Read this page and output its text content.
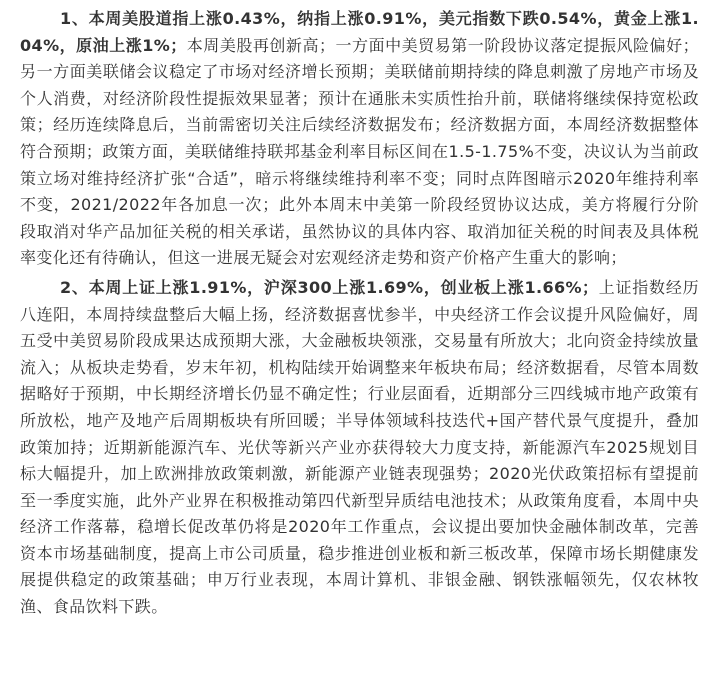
1、本周美股道指上涨0.43%，纳指上涨0.91%，美元指数下跌0.54%，黄金上涨1.04%，原油上涨1%；本周美股再创新高；一方面中美贸易第一阶段协议落定提振风险偏好；另一方面美联储会议稳定了市场对经济增长预期；美联储前期持续的降息刺激了房地产市场及个人消费，对经济阶段性提振效果显著；预计在通胀未实质性抬升前，联储将继续保持宽松政策；经历连续降息后，当前需密切关注后续经济数据发布；经济数据方面，本周经济数据整体符合预期；政策方面，美联储维持联邦基金利率目标区间在1.5-1.75%不变，决议认为当前政策立场对维持经济扩张“合适”，暗示将继续维持利率不变；同时点阵图暗示2020年维持利率不变，2021/2022年各加息一次；此外本周末中美第一阶段经贸协议达成，美方将履行分阶段取消对华产品加征关税的相关承诺，虽然协议的具体内容、取消加征关税的时间表及具体税率变化还有待确认，但这一进展无疑会对宏观经济走势和资产价格产生重大的影响；

2、本周上证上涨1.91%，沪深300上涨1.69%，创业板上涨1.66%；上证指数经历八连阳，本周持续盘整后大幅上扬，经济数据喜忧参半，中央经济工作会议提升风险偏好，周五受中美贸易阶段成果达成预期大涨，大金融板块领涨，交易量有所放大；北向资金持续放量流入；从板块走势看，岁末年初，机构陆续开始调整来年板块布局；经济数据看，尽管本周数据略好于预期，中长期经济增长仍显不确定性；行业层面看，近期部分三四线城市地产政策有所放松，地产及地产后周期板块有所回暖；半导体领域科技迭代+国产替代景气度提升，叠加政策加持；近期新能源汽车、光伏等新兴产业亦获得较大力度支持，新能源汽车2025规划目标大幅提升，加上欧洲排放政策刺激，新能源产业链表现强势；2020光伏政策招标有望提前至一季度实施，此外产业界在积极推动第四代新型异质结电池技术；从政策角度看，本周中央经济工作落幕，稳增长促改革仍将是2020年工作重点，会议提出要加快金融体制改革，完善资本市场基础制度，提高上市公司质量，稳步推进创业板和新三板改革，保障市场长期健康发展提供稳定的政策基础；申万行业表现，本周计算机、非银金融、钢铁涨幅领先，仅农林牧渔、食品饮料下跌。
